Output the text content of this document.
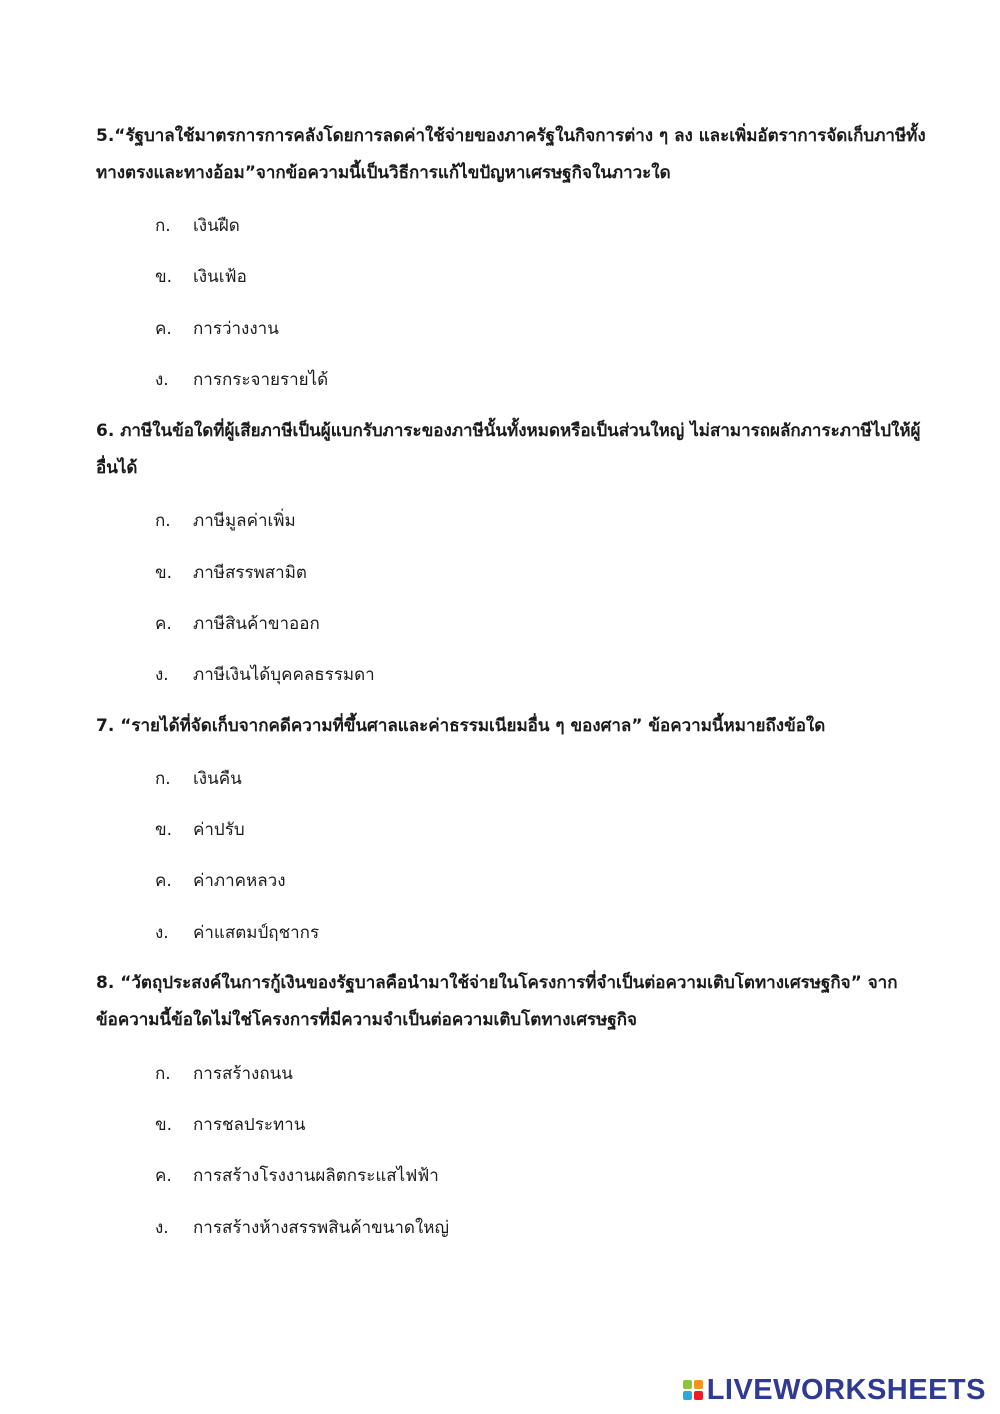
5.“รัฐบาลใช้มาตรการการคลังโดยการลดค่าใช้จ่ายของภาครัฐในกิจการต่าง ๆ ลง และเพิ่มอัตราการจัดเก็บภาษีทั้งทางตรงและทางอ้อม”จากข้อความนี้เป็นวิธีการแก้ไขปัญหาเศรษฐกิจในภาวะใด
ก. เงินฝืด
ข. เงินเฟ้อ
ค. การว่างงาน
ง. การกระจายรายได้
6. ภาษีในข้อใดที่ผู้เสียภาษีเป็นผู้แบกรับภาระของภาษีนั้นทั้งหมดหรือเป็นส่วนใหญ่ ไม่สามารถผลักภาระภาษีไปให้ผู้อื่นได้
ก. ภาษีมูลค่าเพิ่ม
ข. ภาษีสรรพสามิต
ค. ภาษีสินค้าขาออก
ง. ภาษีเงินได้บุคคลธรรมดา
7. “รายได้ที่จัดเก็บจากคดีความที่ขึ้นศาลและค่าธรรมเนียมอื่น ๆ ของศาล” ข้อความนี้หมายถึงข้อใด
ก. เงินคืน
ข. ค่าปรับ
ค. ค่าภาคหลวง
ง. ค่าแสตมป์ฤชากร
8. “วัตถุประสงค์ในการกู้เงินของรัฐบาลคือนำมาใช้จ่ายในโครงการที่จำเป็นต่อความเติบโตทางเศรษฐกิจ” จากข้อความนี้ข้อใดไม่ใช่โครงการที่มีความจำเป็นต่อความเติบโตทางเศรษฐกิจ
ก. การสร้างถนน
ข. การชลประทาน
ค. การสร้างโรงงานผลิตกระแสไฟฟ้า
ง. การสร้างห้างสรรพสินค้าขนาดใหญ่
LIVEWORKSHEETS
